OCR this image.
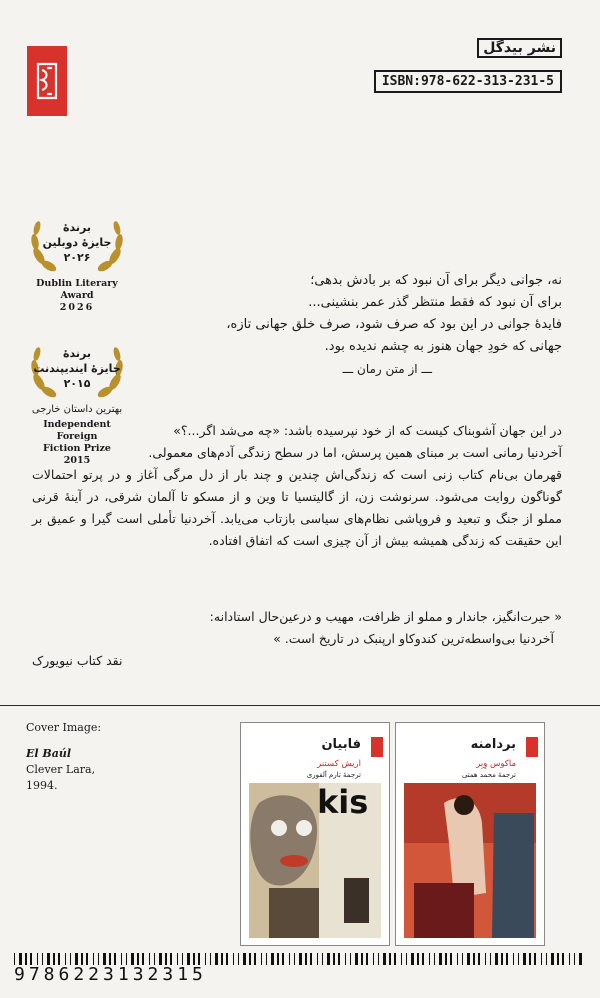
نشر بیدگل
ISBN:978-622-313-231-5
برندهٔ
جایزهٔ دوبلین
۲۰۲۶
Dublin Literary Award
2026
برندهٔ
جایزهٔ ایندیپندنت
۲۰۱۵
بهترین داستان خارجی
Independent Foreign
Fiction Prize
2015
نه، جوانی دیگر برای آن نبود که بر بادش بدهی؛
برای آن نبود که فقط منتظر گذر عمر بنشینی...
فایدهٔ جوانی در این بود که صرف شود، صرف خلق جهانی تازه،
جهانی که خودِ جهان هنوز به چشم ندیده بود.
ـــ از متن رمان ـــ

در این جهان آشوبناک کیست که از خود نپرسیده باشد: «چه می‌شد اگر...؟»

آخردنیا رمانی است بر مبنای همین پرسش، اما در سطح زندگی آدم‌های معمولی.

قهرمان بی‌نام کتاب زنی است که زندگی‌اش چندین و چند بار از دل مرگی آغاز و در پرتو احتمالات گوناگون روایت می‌شود. سرنوشت زن، از گالیتسیا تا وین و از مسکو تا آلمان شرقی، در آینهٔ قرنی مملو از جنگ و تبعید و فروپاشی نظام‌های سیاسی بازتاب می‌یابد. آخردنیا تأملی است گیرا و عمیق بر این حقیقت که زندگی همیشه بیش از آن چیزی است که اتفاق افتاده.

« حیرت‌انگیز، جاندار و مملو از ظرافت، مهیب و درعین‌حال استادانه:
آخردنیا بی‌واسطه‌ترین کندوکاو ارپنبک در تاریخ است. »
نقد کتاب نیویورک
Cover Image:
El Baúl
Clever Lara,
1994.
فابیان
اریش کستنر
ترجمهٔ تارم آلفوری
kis
بردامنه
ماکوس وِبِر
ترجمهٔ محمد همتی
9786223132315
